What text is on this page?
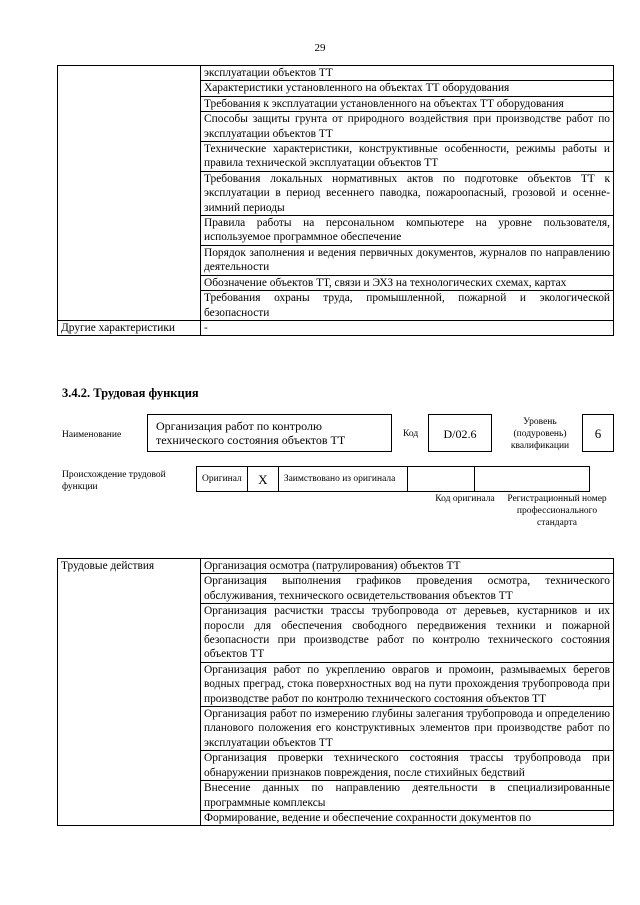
29
	эксплуатации объектов ТТ
	Характеристики установленного на объектах ТТ оборудования
	Требования к эксплуатации установленного на объектах ТТ оборудования
	Способы защиты грунта от природного воздействия при производстве работ по эксплуатации объектов ТТ
	Технические характеристики, конструктивные особенности, режимы работы и правила технической эксплуатации объектов ТТ
	Требования локальных нормативных актов по подготовке объектов ТТ к эксплуатации в период весеннего паводка, пожароопасный, грозовой и осенне-зимний периоды
	Правила работы на персональном компьютере на уровне пользователя, используемое программное обеспечение
	Порядок заполнения и ведения первичных документов, журналов по направлению деятельности
	Обозначение объектов ТТ, связи и ЭХЗ на технологических схемах, картах
	Требования охраны труда, промышленной, пожарной и экологической безопасности
Другие характеристики	-
3.4.2. Трудовая функция
Наименование
Организация работ по контролю технического состояния объектов ТТ	Код	D/02.6
Уровень (подуровень) квалификации
6
Происхождение трудовой функции
Оригинал	X	Заимствовано из оригинала		
Код оригинала	Регистрационный номер профессионального стандарта
Трудовые действия	Организация осмотра (патрулирования) объектов ТТ
Организация выполнения графиков проведения осмотра, технического обслуживания, технического освидетельствования объектов ТТ
Организация расчистки трассы трубопровода от деревьев, кустарников и их поросли для обеспечения свободного передвижения техники и пожарной безопасности при производстве работ по контролю технического состояния объектов ТТ
Организация работ по укреплению оврагов и промоин, размываемых берегов водных преград, стока поверхностных вод на пути прохождения трубопровода при производстве работ по контролю технического состояния объектов ТТ
Организация работ по измерению глубины залегания трубопровода и определению планового положения его конструктивных элементов при производстве работ по эксплуатации объектов ТТ
Организация проверки технического состояния трассы трубопровода при обнаружении признаков повреждения, после стихийных бедствий
Внесение данных по направлению деятельности в специализированные программные комплексы
Формирование, ведение и обеспечение сохранности документов по
